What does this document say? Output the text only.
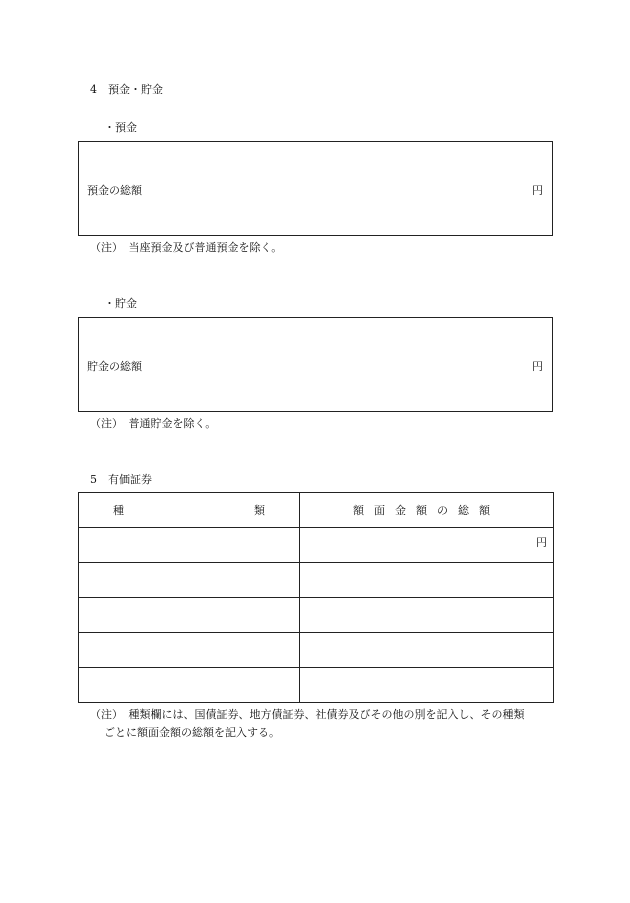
4　預金・貯金
・預金
預金の総額	円
（注）　当座預金及び普通預金を除く。
・貯金
貯金の総額	円
（注）　普通貯金を除く。
5　有価証券
種 類	額面金額の総額

	円

（注）　種類欄には、国債証券、地方債証券、社債券及びその他の別を記入し、その種類
ごとに額面金額の総額を記入する。
